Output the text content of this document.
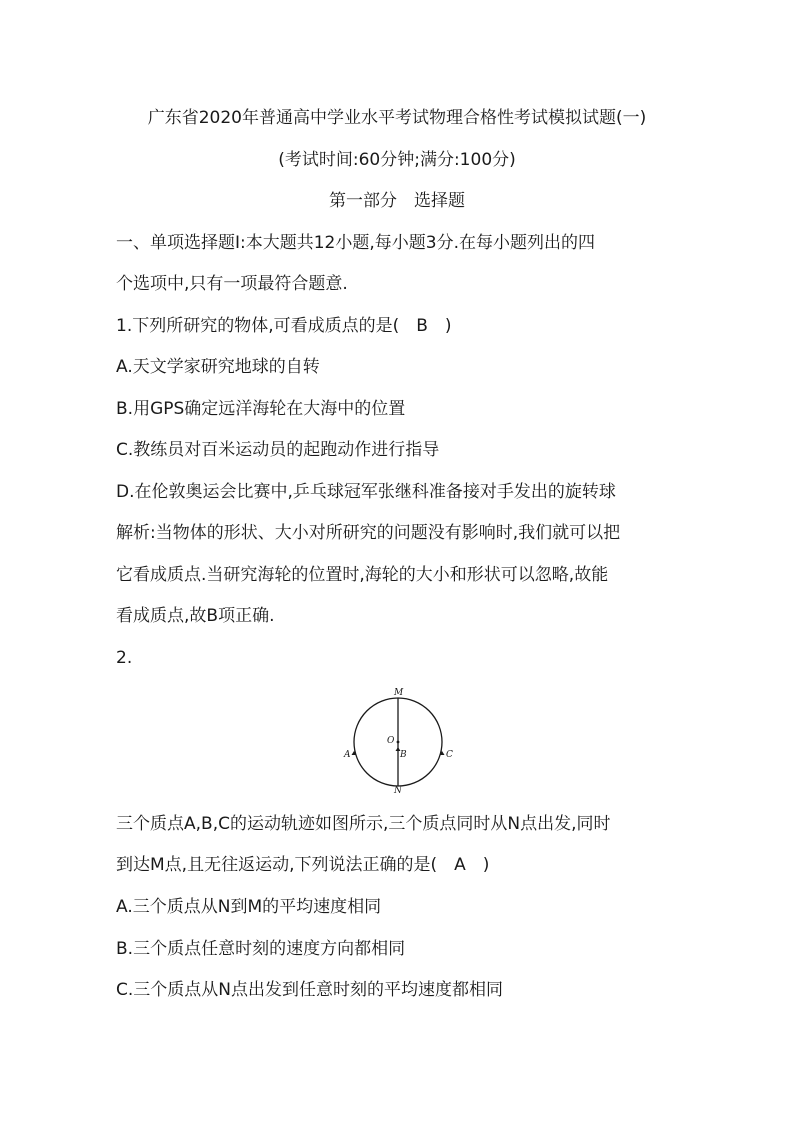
广东省2020年普通高中学业水平考试物理合格性考试模拟试题(一)
(考试时间:60分钟;满分:100分)
第一部分　选择题
一、单项选择题Ⅰ:本大题共12小题,每小题3分.在每小题列出的四
个选项中,只有一项最符合题意.
1.下列所研究的物体,可看成质点的是(　B　)
A.天文学家研究地球的自转
B.用GPS确定远洋海轮在大海中的位置
C.教练员对百米运动员的起跑动作进行指导
D.在伦敦奥运会比赛中,乒乓球冠军张继科准备接对手发出的旋转球
解析:当物体的形状、大小对所研究的问题没有影响时,我们就可以把
它看成质点.当研究海轮的位置时,海轮的大小和形状可以忽略,故能
看成质点,故B项正确.
2.
M
N
O
A	B	C
三个质点A,B,C的运动轨迹如图所示,三个质点同时从N点出发,同时
到达M点,且无往返运动,下列说法正确的是(　A　)
A.三个质点从N到M的平均速度相同
B.三个质点任意时刻的速度方向都相同
C.三个质点从N点出发到任意时刻的平均速度都相同
